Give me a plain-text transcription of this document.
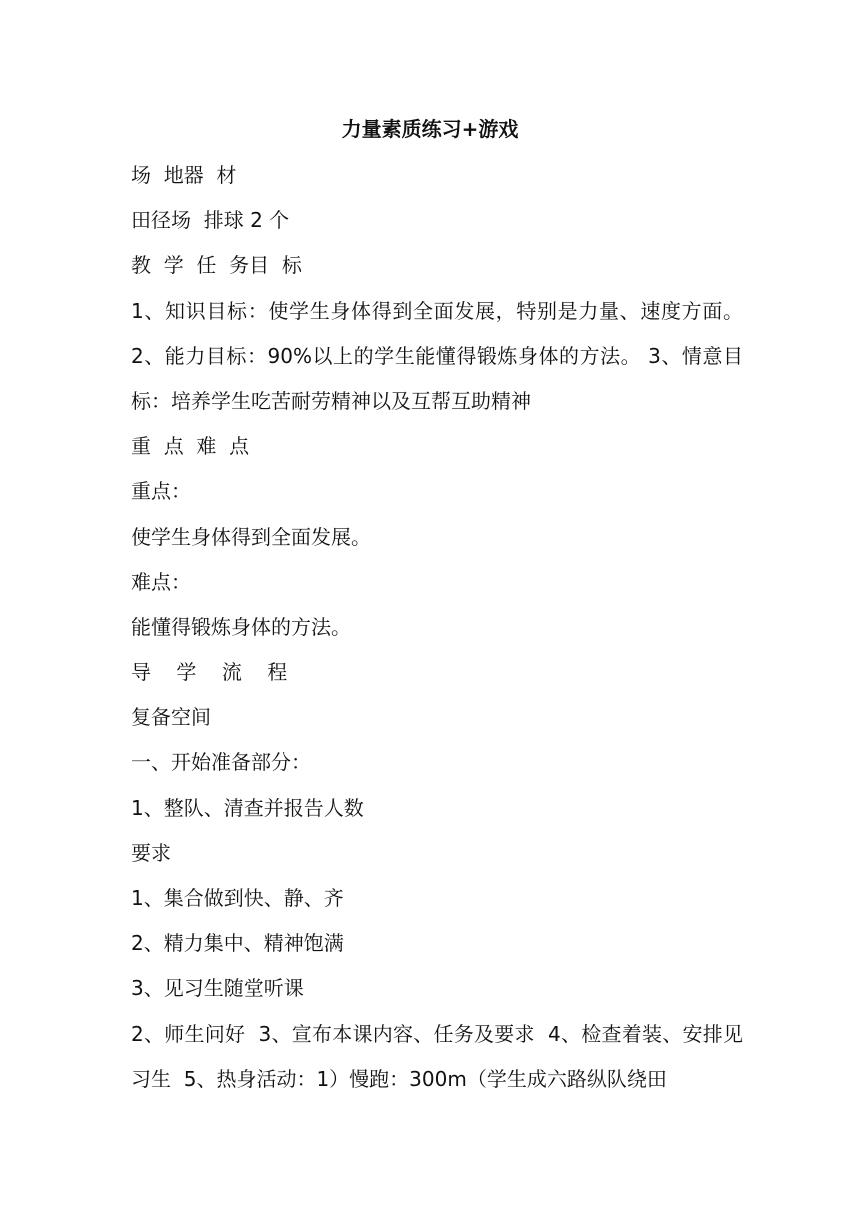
力量素质练习+游戏

场  地器  材

田径场  排球 2 个

教  学  任  务目  标

1、知识目标：使学生身体得到全面发展，特别是力量、速度方面。 2、能力目标：90%以上的学生能懂得锻炼身体的方法。 3、情意目标：培养学生吃苦耐劳精神以及互帮互助精神

重  点  难  点

重点：

使学生身体得到全面发展。

难点：

能懂得锻炼身体的方法。

导    学    流    程

复备空间

一、开始准备部分：

1、整队、清查并报告人数

要求

1、集合做到快、静、齐

2、精力集中、精神饱满

3、见习生随堂听课

2、师生问好  3、宣布本课内容、任务及要求  4、检查着装、安排见习生  5、热身活动：1）慢跑：300m（学生成六路纵队绕田
